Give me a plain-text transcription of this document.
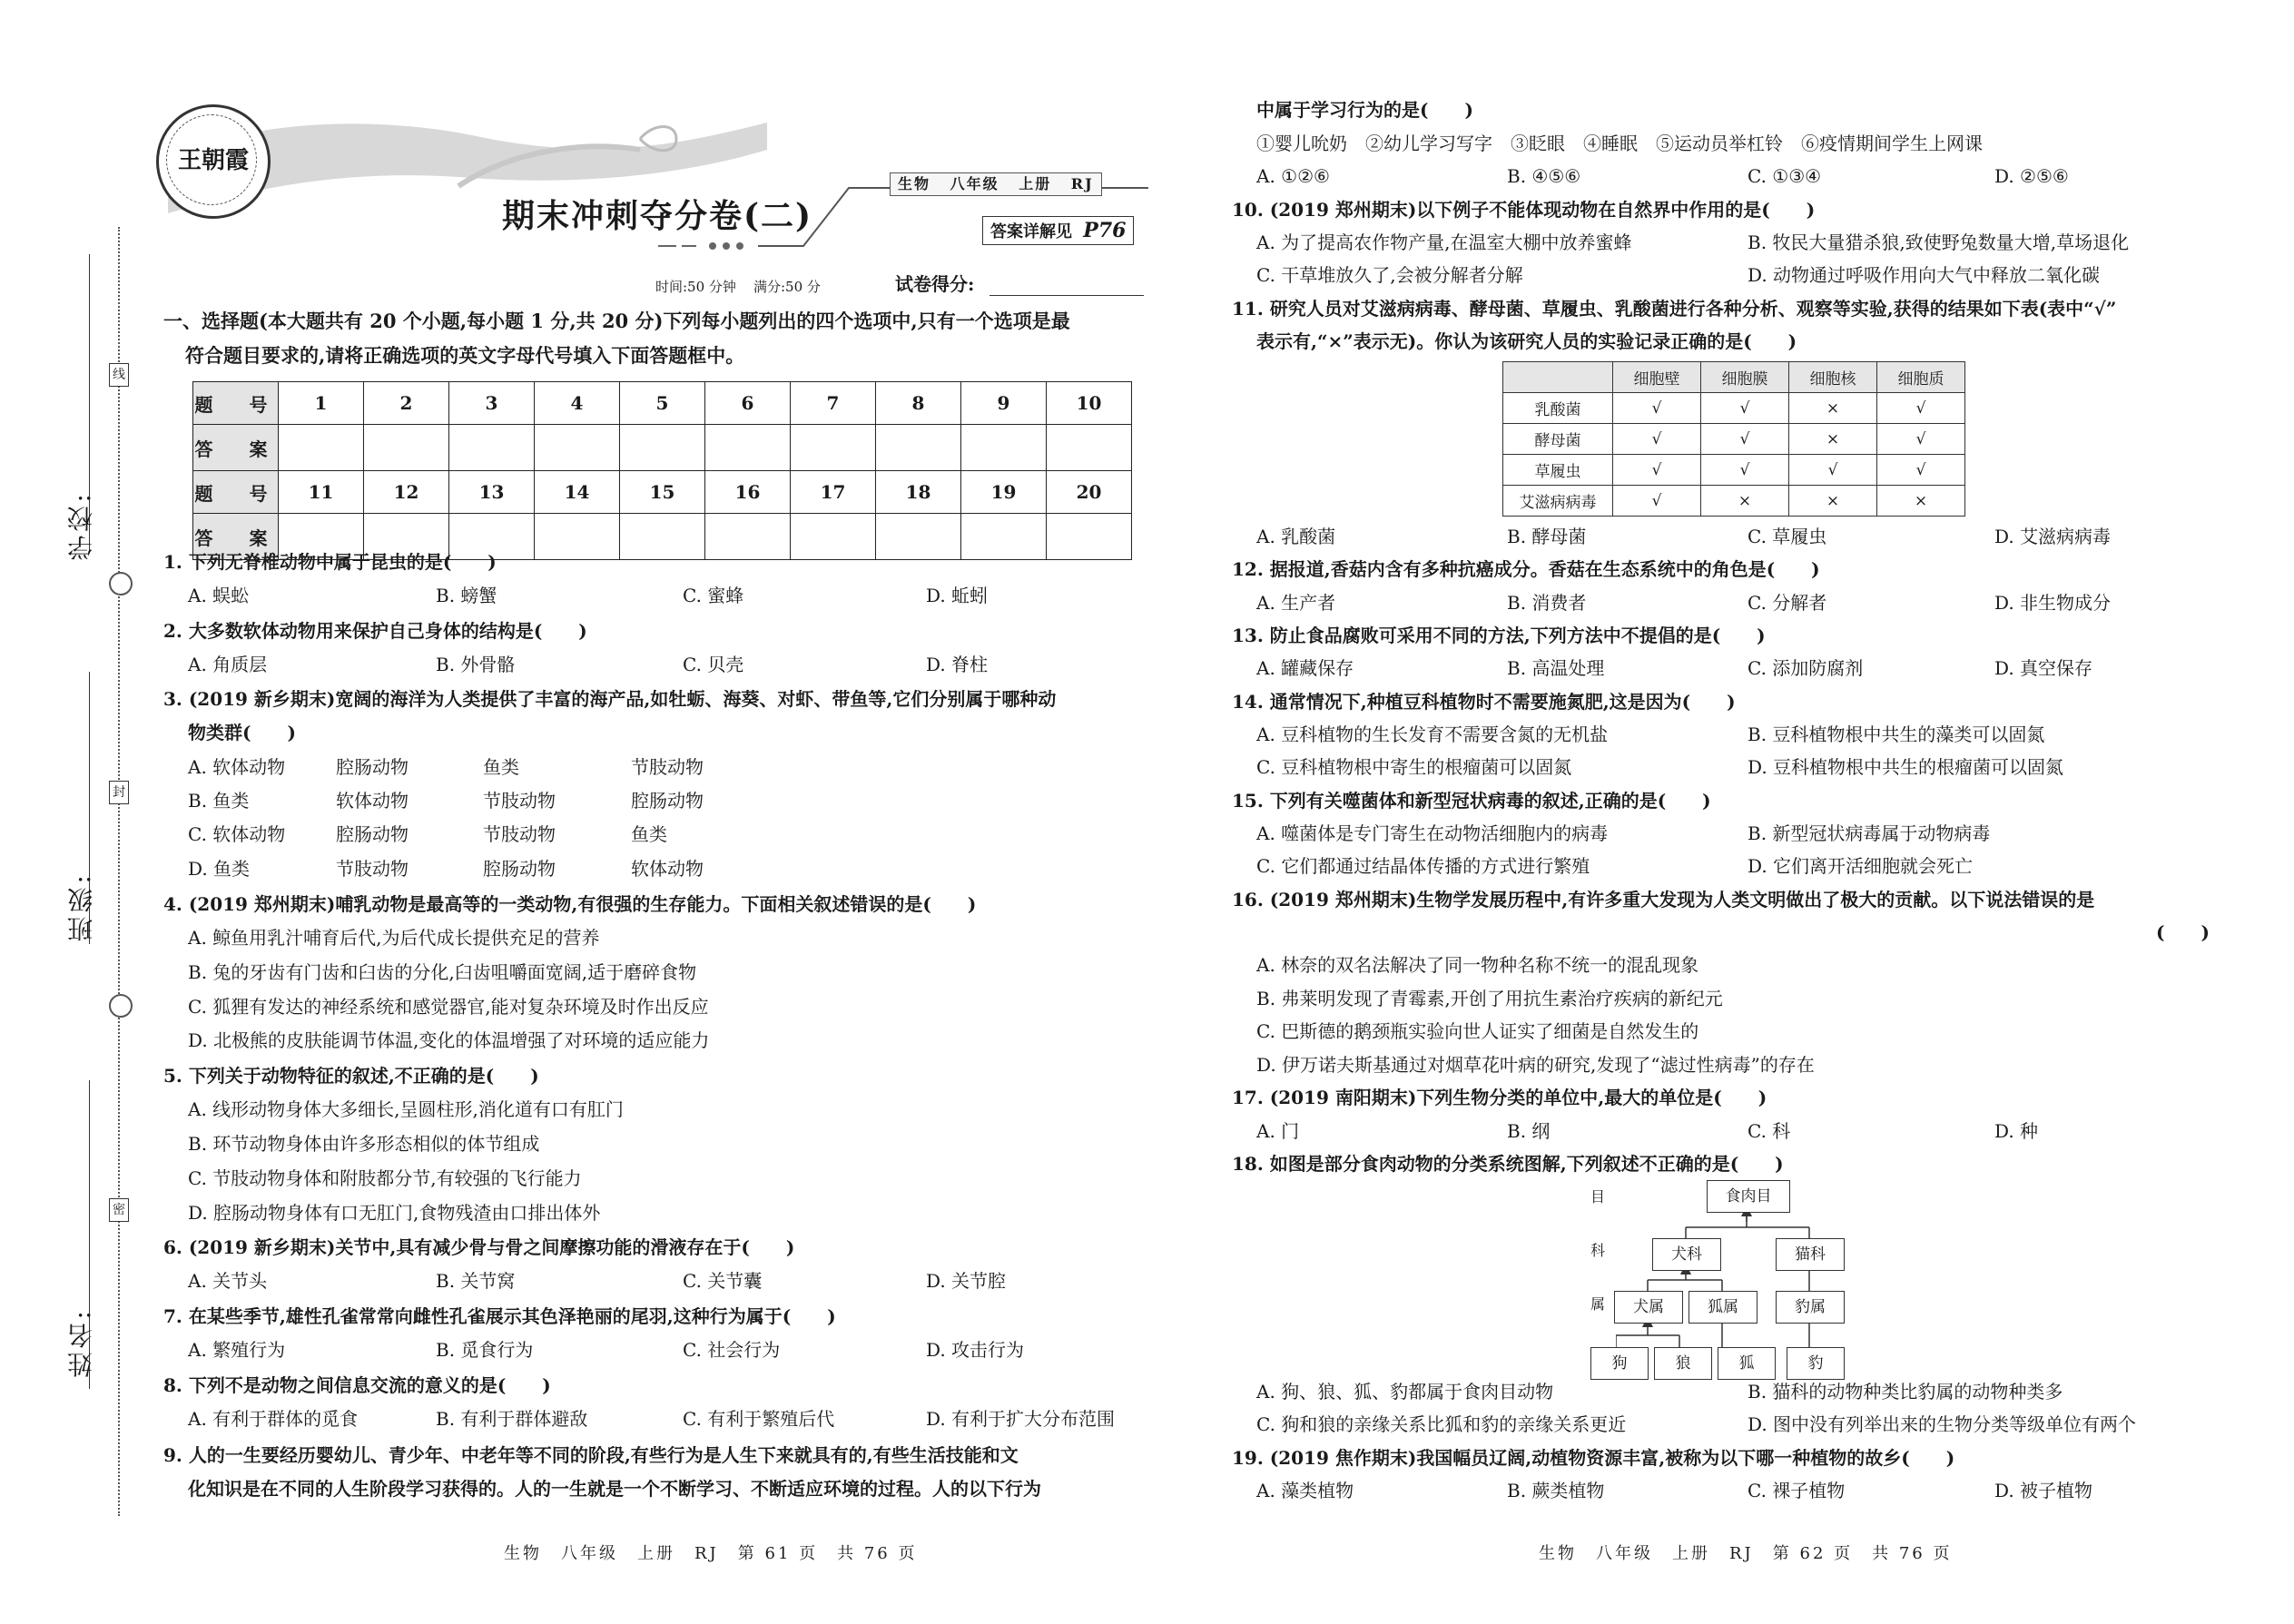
学校:
班级:
姓名:
线
封
密
王朝霞
生物 八年级 上册 RJ
期末冲刺夺分卷(二)	答案详解见 P76
时间:50 分钟 满分:50 分	试卷得分:
一、选择题(本大题共有 20 个小题,每小题 1 分,共 20 分)下列每小题列出的四个选项中,只有一个选项是最
符合题目要求的,请将正确选项的英文字母代号填入下面答题框中。
题　号	1	2	3	4	5	6	7	8	9	10
答　案										
题　号	11	12	13	14	15	16	17	18	19	20
答　案										
1. 下列无脊椎动物中属于昆虫的是(　　)
A. 蜈蚣	B. 螃蟹	C. 蜜蜂	D. 蚯蚓
2. 大多数软体动物用来保护自己身体的结构是(　　)
A. 角质层	B. 外骨骼	C. 贝壳	D. 脊柱
3. (2019 新乡期末)宽阔的海洋为人类提供了丰富的海产品,如牡蛎、海葵、对虾、带鱼等,它们分别属于哪种动
物类群(　　)
A. 软体动物	腔肠动物	鱼类	节肢动物
B. 鱼类	软体动物	节肢动物	腔肠动物
C. 软体动物	腔肠动物	节肢动物	鱼类
D. 鱼类	节肢动物	腔肠动物	软体动物
4. (2019 郑州期末)哺乳动物是最高等的一类动物,有很强的生存能力。下面相关叙述错误的是(　　)
A. 鲸鱼用乳汁哺育后代,为后代成长提供充足的营养
B. 兔的牙齿有门齿和臼齿的分化,臼齿咀嚼面宽阔,适于磨碎食物
C. 狐狸有发达的神经系统和感觉器官,能对复杂环境及时作出反应
D. 北极熊的皮肤能调节体温,变化的体温增强了对环境的适应能力
5. 下列关于动物特征的叙述,不正确的是(　　)
A. 线形动物身体大多细长,呈圆柱形,消化道有口有肛门
B. 环节动物身体由许多形态相似的体节组成
C. 节肢动物身体和附肢都分节,有较强的飞行能力
D. 腔肠动物身体有口无肛门,食物残渣由口排出体外
6. (2019 新乡期末)关节中,具有减少骨与骨之间摩擦功能的滑液存在于(　　)
A. 关节头	B. 关节窝	C. 关节囊	D. 关节腔
7. 在某些季节,雄性孔雀常常向雌性孔雀展示其色泽艳丽的尾羽,这种行为属于(　　)
A. 繁殖行为	B. 觅食行为	C. 社会行为	D. 攻击行为
8. 下列不是动物之间信息交流的意义的是(　　)
A. 有利于群体的觅食	B. 有利于群体避敌	C. 有利于繁殖后代	D. 有利于扩大分布范围
9. 人的一生要经历婴幼儿、青少年、中老年等不同的阶段,有些行为是人生下来就具有的,有些生活技能和文
化知识是在不同的人生阶段学习获得的。人的一生就是一个不断学习、不断适应环境的过程。人的以下行为
生物　八年级　上册　RJ　第 61 页　共 76 页
中属于学习行为的是(　　)
①婴儿吮奶　②幼儿学习写字　③眨眼　④睡眠　⑤运动员举杠铃　⑥疫情期间学生上网课
A. ①②⑥	B. ④⑤⑥	C. ①③④	D. ②⑤⑥
10. (2019 郑州期末)以下例子不能体现动物在自然界中作用的是(　　)
A. 为了提高农作物产量,在温室大棚中放养蜜蜂	B. 牧民大量猎杀狼,致使野兔数量大增,草场退化
C. 干草堆放久了,会被分解者分解	D. 动物通过呼吸作用向大气中释放二氧化碳
11. 研究人员对艾滋病病毒、酵母菌、草履虫、乳酸菌进行各种分析、观察等实验,获得的结果如下表(表中“√”
表示有,“×”表示无)。你认为该研究人员的实验记录正确的是(　　)
	细胞壁	细胞膜	细胞核	细胞质
乳酸菌	√	√	×	√
酵母菌	√	√	×	√
草履虫	√	√	√	√
艾滋病病毒	√	×	×	×
A. 乳酸菌	B. 酵母菌	C. 草履虫	D. 艾滋病病毒
12. 据报道,香菇内含有多种抗癌成分。香菇在生态系统中的角色是(　　)
A. 生产者	B. 消费者	C. 分解者	D. 非生物成分
13. 防止食品腐败可采用不同的方法,下列方法中不提倡的是(　　)
A. 罐藏保存	B. 高温处理	C. 添加防腐剂	D. 真空保存
14. 通常情况下,种植豆科植物时不需要施氮肥,这是因为(　　)
A. 豆科植物的生长发育不需要含氮的无机盐	B. 豆科植物根中共生的藻类可以固氮
C. 豆科植物根中寄生的根瘤菌可以固氮	D. 豆科植物根中共生的根瘤菌可以固氮
15. 下列有关噬菌体和新型冠状病毒的叙述,正确的是(　　)
A. 噬菌体是专门寄生在动物活细胞内的病毒	B. 新型冠状病毒属于动物病毒
C. 它们都通过结晶体传播的方式进行繁殖	D. 它们离开活细胞就会死亡
16. (2019 郑州期末)生物学发展历程中,有许多重大发现为人类文明做出了极大的贡献。以下说法错误的是
(　　)
A. 林奈的双名法解决了同一物种名称不统一的混乱现象
B. 弗莱明发现了青霉素,开创了用抗生素治疗疾病的新纪元
C. 巴斯德的鹅颈瓶实验向世人证实了细菌是自然发生的
D. 伊万诺夫斯基通过对烟草花叶病的研究,发现了“滤过性病毒”的存在
17. (2019 南阳期末)下列生物分类的单位中,最大的单位是(　　)
A. 门	B. 纲	C. 科	D. 种
18. 如图是部分食肉动物的分类系统图解,下列叙述不正确的是(　　)
目
科
属
食肉目
犬科	猫科
犬属	狐属	豹属
狗	狼	狐	豹
A. 狗、狼、狐、豹都属于食肉目动物	B. 猫科的动物种类比豹属的动物种类多
C. 狗和狼的亲缘关系比狐和豹的亲缘关系更近	D. 图中没有列举出来的生物分类等级单位有两个
19. (2019 焦作期末)我国幅员辽阔,动植物资源丰富,被称为以下哪一种植物的故乡(　　)
A. 藻类植物	B. 蕨类植物	C. 裸子植物	D. 被子植物
生物　八年级　上册　RJ　第 62 页　共 76 页
